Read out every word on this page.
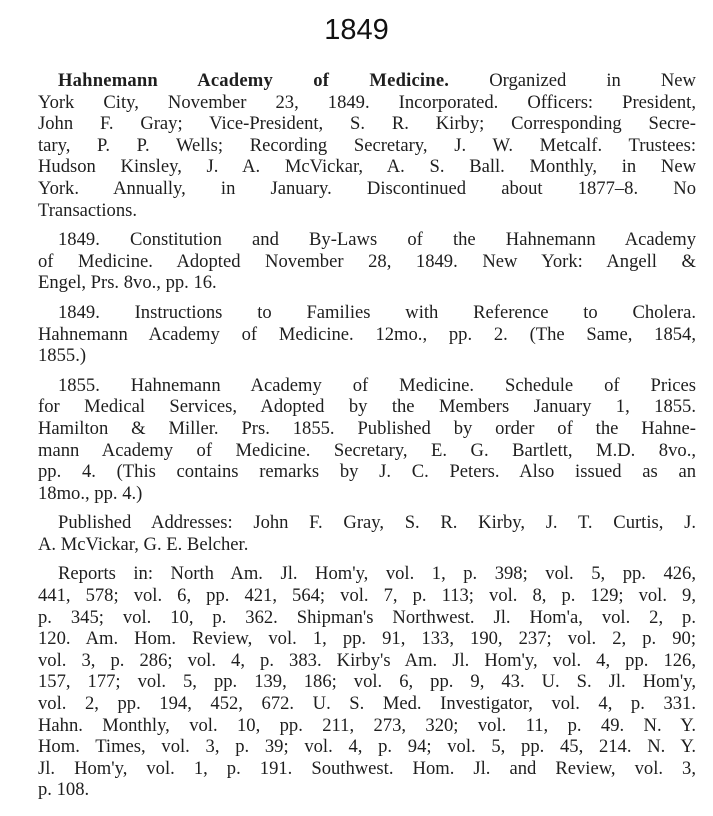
1849
Hahnemann Academy of Medicine. Organized in New
York City, November 23, 1849. Incorporated. Officers: President,
John F. Gray; Vice-President, S. R. Kirby; Corresponding Secre-
tary, P. P. Wells; Recording Secretary, J. W. Metcalf. Trustees:
Hudson Kinsley, J. A. McVickar, A. S. Ball. Monthly, in New
York. Annually, in January. Discontinued about 1877–8. No
Transactions.
1849. Constitution and By-Laws of the Hahnemann Academy
of Medicine. Adopted November 28, 1849. New York: Angell &
Engel, Prs. 8vo., pp. 16.
1849. Instructions to Families with Reference to Cholera.
Hahnemann Academy of Medicine. 12mo., pp. 2. (The Same, 1854,
1855.)
1855. Hahnemann Academy of Medicine. Schedule of Prices
for Medical Services, Adopted by the Members January 1, 1855.
Hamilton & Miller. Prs. 1855. Published by order of the Hahne-
mann Academy of Medicine. Secretary, E. G. Bartlett, M.D. 8vo.,
pp. 4. (This contains remarks by J. C. Peters. Also issued as an
18mo., pp. 4.)
Published Addresses: John F. Gray, S. R. Kirby, J. T. Curtis, J.
A. McVickar, G. E. Belcher.
Reports in: North Am. Jl. Hom'y, vol. 1, p. 398; vol. 5, pp. 426,
441, 578; vol. 6, pp. 421, 564; vol. 7, p. 113; vol. 8, p. 129; vol. 9,
p. 345; vol. 10, p. 362. Shipman's Northwest. Jl. Hom'a, vol. 2, p.
120. Am. Hom. Review, vol. 1, pp. 91, 133, 190, 237; vol. 2, p. 90;
vol. 3, p. 286; vol. 4, p. 383. Kirby's Am. Jl. Hom'y, vol. 4, pp. 126,
157, 177; vol. 5, pp. 139, 186; vol. 6, pp. 9, 43. U. S. Jl. Hom'y,
vol. 2, pp. 194, 452, 672. U. S. Med. Investigator, vol. 4, p. 331.
Hahn. Monthly, vol. 10, pp. 211, 273, 320; vol. 11, p. 49. N. Y.
Hom. Times, vol. 3, p. 39; vol. 4, p. 94; vol. 5, pp. 45, 214. N. Y.
Jl. Hom'y, vol. 1, p. 191. Southwest. Hom. Jl. and Review, vol. 3,
p. 108.
